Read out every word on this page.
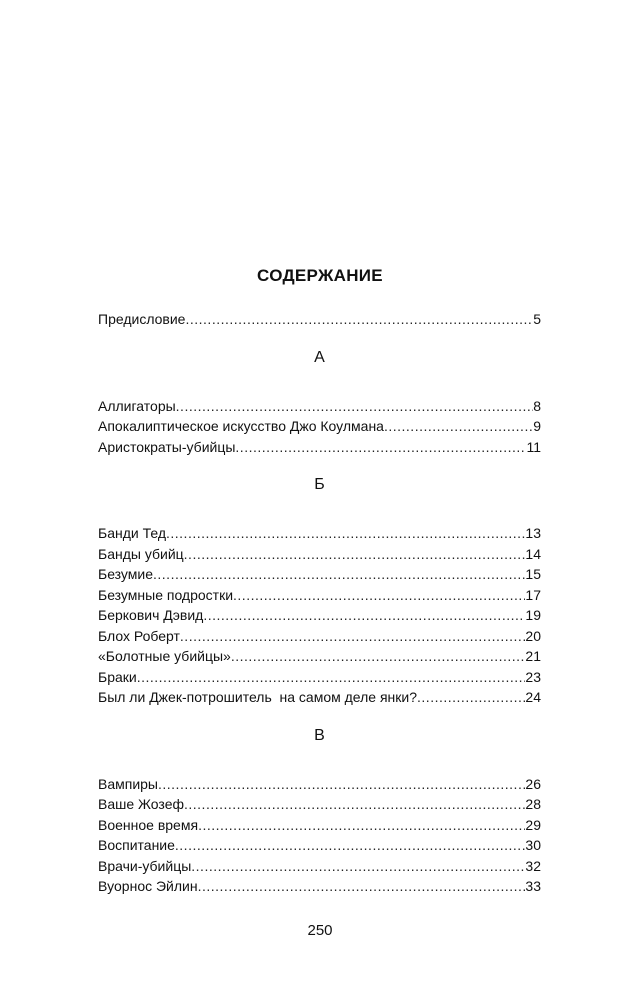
СОДЕРЖАНИЕ
Предисловие .....	5
А
Аллигаторы .....	8
Апокалиптическое искусство Джо Коулмана .....	9
Аристократы-убийцы .....	11
Б
Банди Тед .....	13
Банды убийц .....	14
Безумие .....	15
Безумные подростки .....	17
Беркович Дэвид .....	19
Блох Роберт .....	20
«Болотные убийцы» .....	21
Браки .....	23
Был ли Джек-потрошитель  на самом деле янки? .....	24
В
Вампиры .....	26
Ваше Жозеф .....	28
Военное время .....	29
Воспитание .....	30
Врачи-убийцы .....	32
Вуорнос Эйлин .....	33
250
